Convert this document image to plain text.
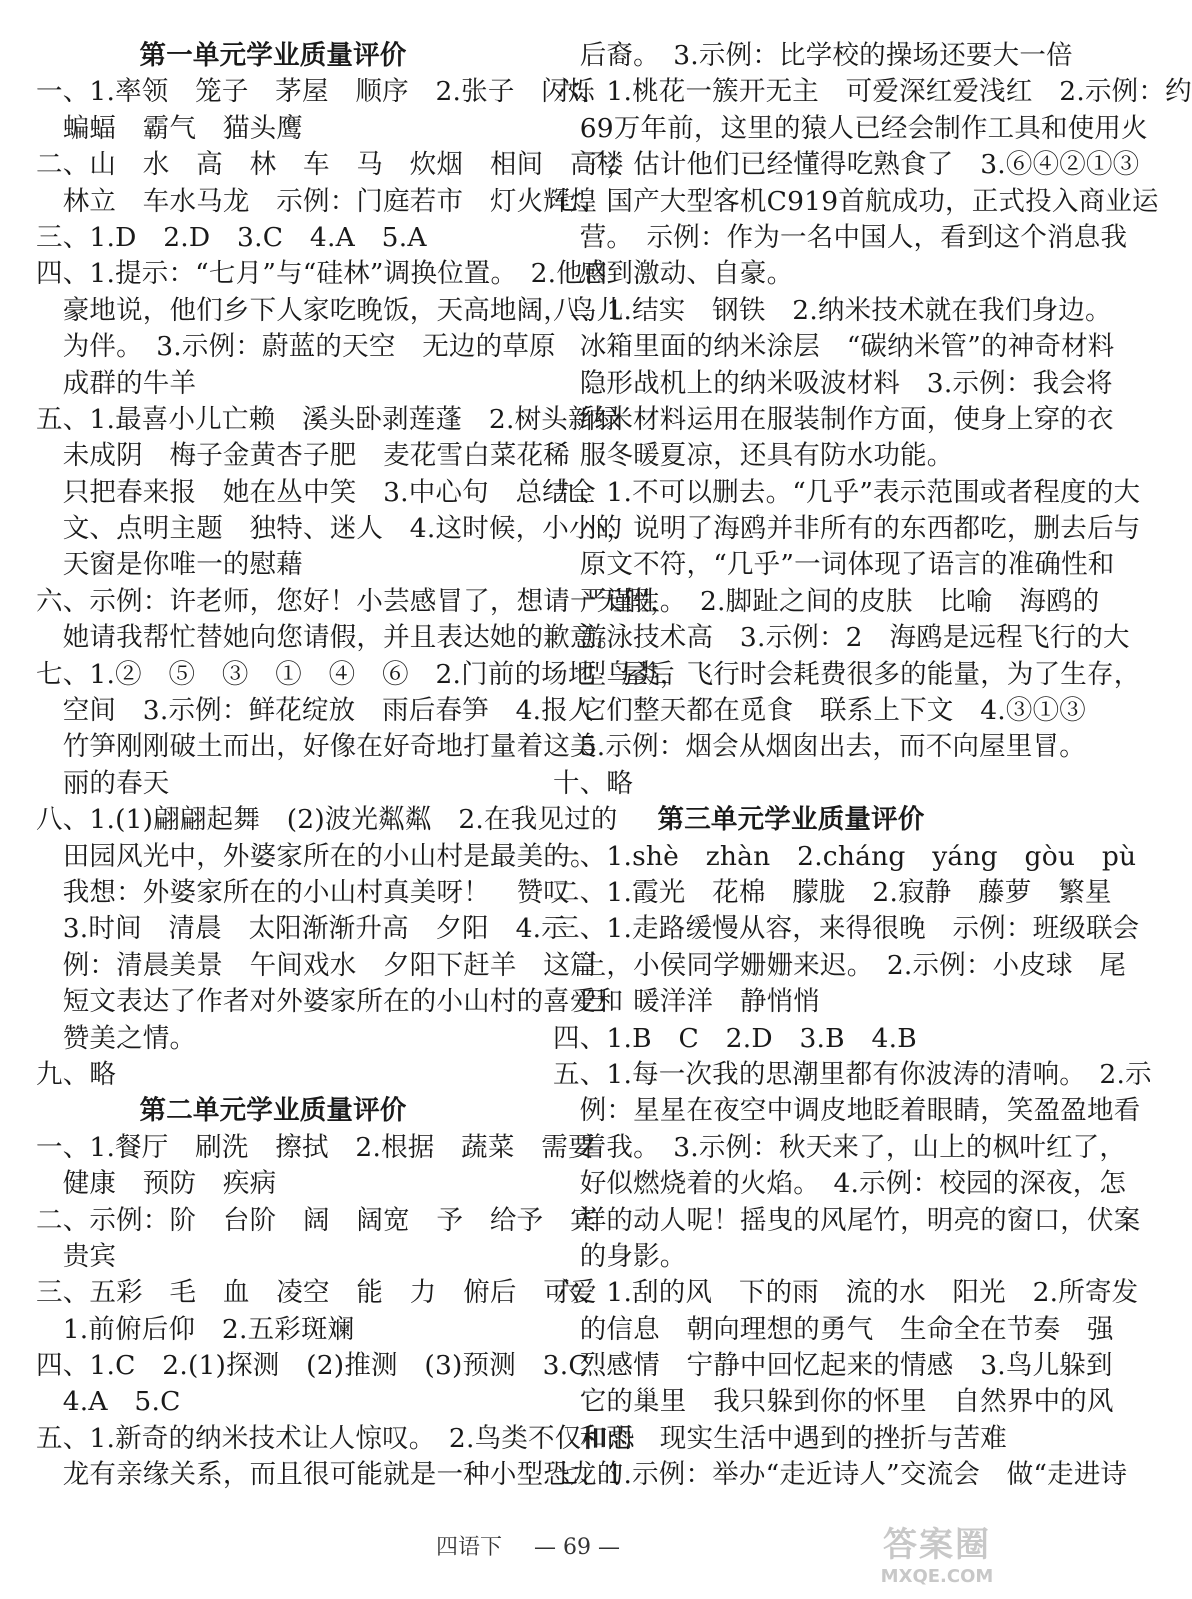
第一单元学业质量评价
一、1.率领　笼子　茅屋　顺序　2.张子　闪烁
　蝙蝠　霸气　猫头鹰
二、山　水　高　林　车　马　炊烟　相间　高楼
　林立　车水马龙　示例：门庭若市　灯火辉煌
三、1.D　2.D　3.C　4.A　5.A
四、1.提示：“七月”与“硅林”调换位置。　2.他自
　豪地说，他们乡下人家吃晚饭，天高地阔，鸟儿
　为伴。　3.示例：蔚蓝的天空　无边的草原
　成群的牛羊
五、1.最喜小儿亡赖　溪头卧剥莲蓬　2.树头新绿
　未成阴　梅子金黄杏子肥　麦花雪白菜花稀
　只把春来报　她在丛中笑　3.中心句　总结全
　文、点明主题　独特、迷人　4.这时候，小小的
　天窗是你唯一的慰藉
六、示例：许老师，您好！小芸感冒了，想请一天假，
　她请我帮忙替她向您请假，并且表达她的歉意。
七、1.②　⑤　③　①　④　⑥　2.门前的场地　屋后
　空间　3.示例：鲜花绽放　雨后春笋　4.报人
　竹笋刚刚破土而出，好像在好奇地打量着这美
　丽的春天
八、1.(1)翩翩起舞　(2)波光粼粼　2.在我见过的
　田园风光中，外婆家所在的小山村是最美的。
　我想：外婆家所在的小山村真美呀！　赞叹
　3.时间　清晨　太阳渐渐升高　夕阳　4.示
　例：清晨美景　午间戏水　夕阳下赶羊　这篇
　短文表达了作者对外婆家所在的小山村的喜爱和
　赞美之情。
九、略
第二单元学业质量评价
一、1.餐厅　刷洗　擦拭　2.根据　蔬菜　需要
　健康　预防　疾病
二、示例：阶　台阶　阔　阔宽　予　给予　宾
　贵宾
三、五彩　毛　血　凌空　能　力　俯后　可爱
　1.前俯后仰　2.五彩斑斓
四、1.C　2.(1)探测　(2)推测　(3)预测　3.C
　4.A　5.C
五、1.新奇的纳米技术让人惊叹。　2.鸟类不仅和恐
　龙有亲缘关系，而且很可能就是一种小型恐龙的
　后裔。　3.示例：比学校的操场还要大一倍
六、1.桃花一簇开无主　可爱深红爱浅红　2.示例：约
　69万年前，这里的猿人已经会制作工具和使用火
　了，估计他们已经懂得吃熟食了　3.⑥④②①③
七、国产大型客机C919首航成功，正式投入商业运
　营。　示例：作为一名中国人，看到这个消息我
　感到激动、自豪。
八、1.结实　钢铁　2.纳米技术就在我们身边。
　冰箱里面的纳米涂层　“碳纳米管”的神奇材料
　隐形战机上的纳米吸波材料　3.示例：我会将
　纳米材料运用在服装制作方面，使身上穿的衣
　服冬暖夏凉，还具有防水功能。
九、1.不可以删去。“几乎”表示范围或者程度的大
　小，说明了海鸥并非所有的东西都吃，删去后与
　原文不符，“几乎”一词体现了语言的准确性和
　严谨性。　2.脚趾之间的皮肤　比喻　海鸥的
　游泳技术高　3.示例：2　海鸥是远程飞行的大
　型鸟类，飞行时会耗费很多的能量，为了生存，
　它们整天都在觅食　联系上下文　4.③①③
　5.示例：烟会从烟囱出去，而不向屋里冒。
十、略
第三单元学业质量评价
一、1.shè　zhàn　2.cháng　yáng　gòu　pù
二、1.霞光　花棉　朦胧　2.寂静　藤萝　繁星
三、1.走路缓慢从容，来得很晚　示例：班级联会
　上，小侯同学姗姗来迟。　2.示例：小皮球　尾
　巴　暖洋洋　静悄悄
四、1.B　C　2.D　3.B　4.B
五、1.每一次我的思潮里都有你波涛的清响。　2.示
　例：星星在夜空中调皮地眨着眼睛，笑盈盈地看
　着我。　3.示例：秋天来了，山上的枫叶红了，
　好似燃烧着的火焰。　4.示例：校园的深夜，怎
　样的动人呢！摇曳的风尾竹，明亮的窗口，伏案
　的身影。
六、1.刮的风　下的雨　流的水　阳光　2.所寄发
　的信息　朝向理想的勇气　生命全在节奏　强
　烈感情　宁静中回忆起来的情感　3.鸟儿躲到
　它的巢里　我只躲到你的怀里　自然界中的风
　和雨　现实生活中遇到的挫折与苦难
七、1.示例：举办“走近诗人”交流会　做“走进诗
四语下 — 69 —	答案圈
MXQE.COM
